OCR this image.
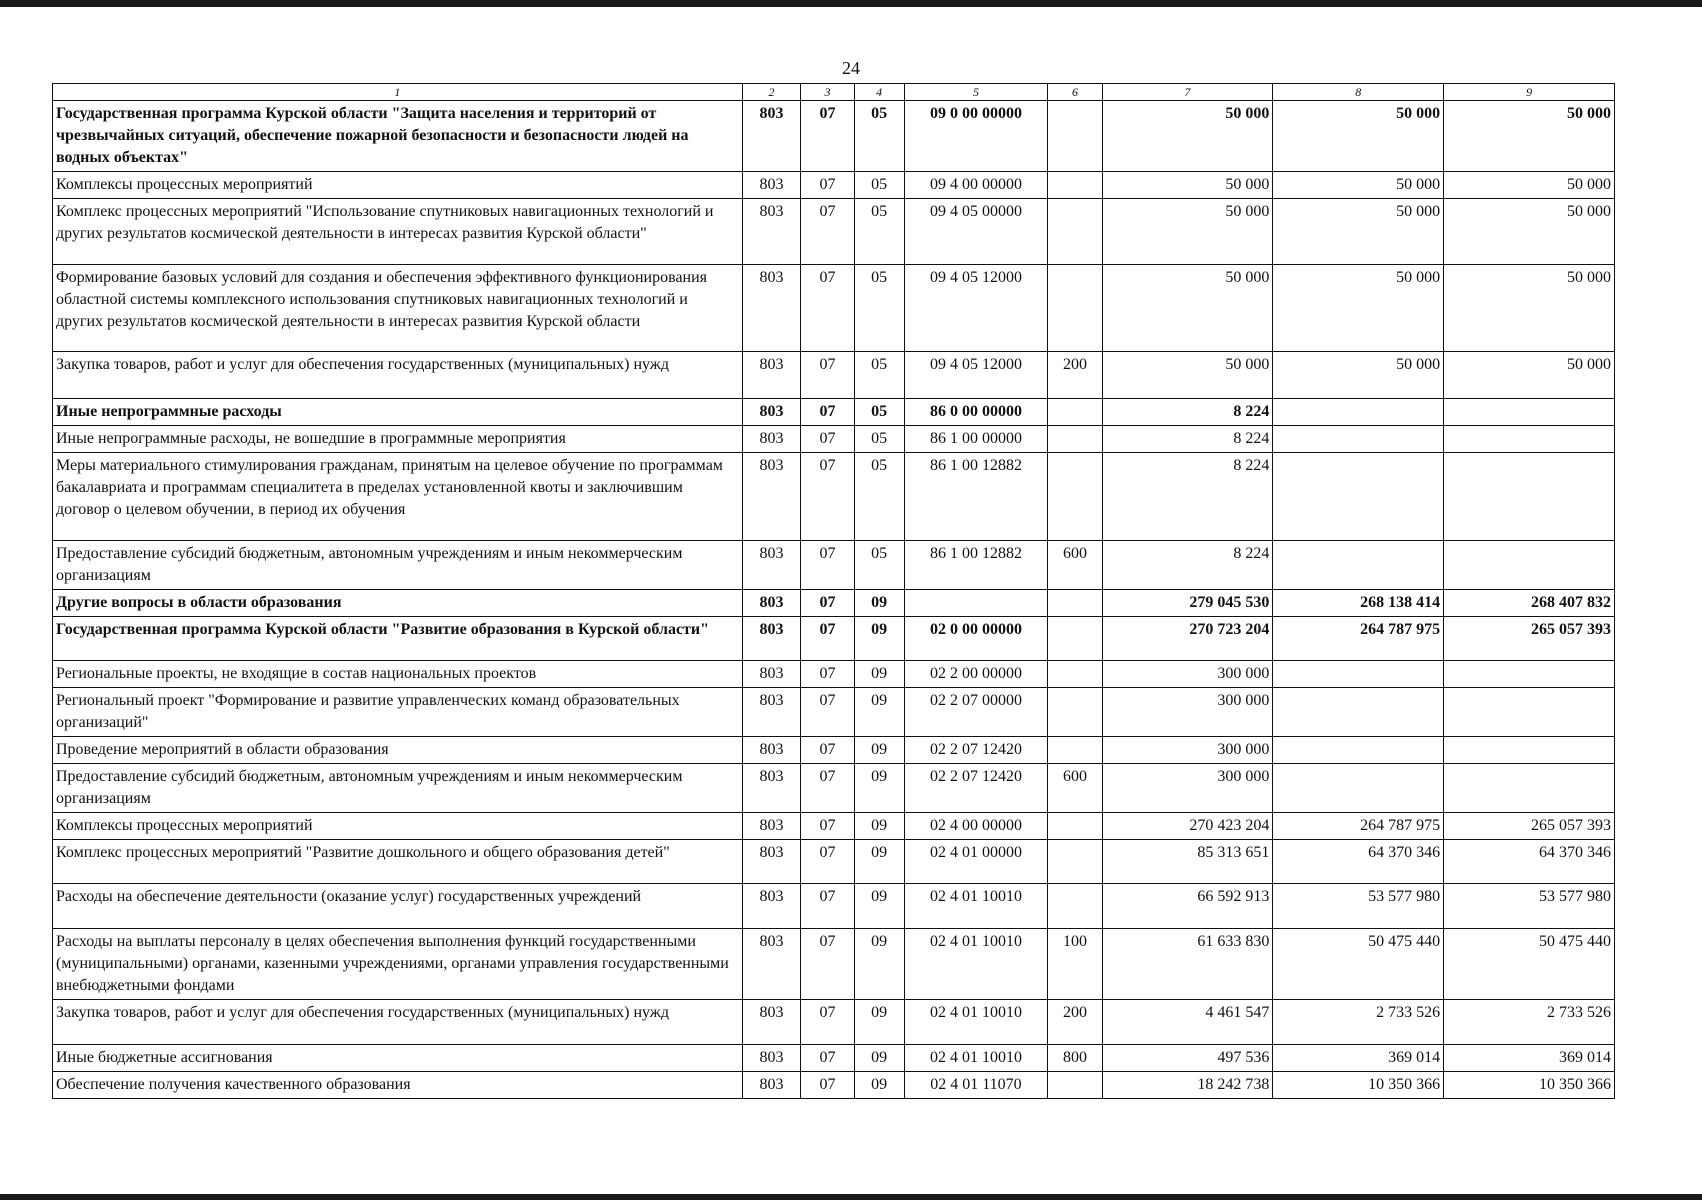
24
1	2	3	4	5	6	7	8	9
Государственная программа Курской области "Защита населения и территорий от чрезвычайных ситуаций, обеспечение пожарной безопасности и безопасности людей на водных объектах"	803	07	05	09 0 00 00000		50 000	50 000	50 000
Комплексы процессных мероприятий	803	07	05	09 4 00 00000		50 000	50 000	50 000
Комплекс процессных мероприятий "Использование спутниковых навигационных технологий и других результатов космической деятельности в интересах развития Курской области"	803	07	05	09 4 05 00000		50 000	50 000	50 000
Формирование базовых условий для создания и обеспечения эффективного функционирования областной системы комплексного использования спутниковых навигационных технологий и других результатов космической деятельности в интересах развития Курской области	803	07	05	09 4 05 12000		50 000	50 000	50 000
Закупка товаров, работ и услуг для обеспечения государственных (муниципальных) нужд	803	07	05	09 4 05 12000	200	50 000	50 000	50 000
Иные непрограммные расходы	803	07	05	86 0 00 00000		8 224		
Иные непрограммные расходы, не вошедшие в программные мероприятия	803	07	05	86 1 00 00000		8 224		
Меры материального стимулирования гражданам, принятым на целевое обучение по программам бакалавриата и программам специалитета в пределах установленной квоты и заключившим договор о целевом обучении, в период их обучения	803	07	05	86 1 00 12882		8 224		
Предоставление субсидий бюджетным, автономным учреждениям и иным некоммерческим организациям	803	07	05	86 1 00 12882	600	8 224		
Другие вопросы в области образования	803	07	09			279 045 530	268 138 414	268 407 832
Государственная программа Курской области "Развитие образования в Курской области"	803	07	09	02 0 00 00000		270 723 204	264 787 975	265 057 393
Региональные проекты, не входящие в состав национальных проектов	803	07	09	02 2 00 00000		300 000		
Региональный проект "Формирование и развитие управленческих команд образовательных организаций"	803	07	09	02 2 07 00000		300 000		
Проведение мероприятий в области образования	803	07	09	02 2 07 12420		300 000		
Предоставление субсидий бюджетным, автономным учреждениям и иным некоммерческим организациям	803	07	09	02 2 07 12420	600	300 000		
Комплексы процессных мероприятий	803	07	09	02 4 00 00000		270 423 204	264 787 975	265 057 393
Комплекс процессных мероприятий "Развитие дошкольного и общего образования детей"	803	07	09	02 4 01 00000		85 313 651	64 370 346	64 370 346
Расходы на обеспечение деятельности (оказание услуг) государственных учреждений	803	07	09	02 4 01 10010		66 592 913	53 577 980	53 577 980
Расходы на выплаты персоналу в целях обеспечения выполнения функций государственными (муниципальными) органами, казенными учреждениями, органами управления государственными внебюджетными фондами	803	07	09	02 4 01 10010	100	61 633 830	50 475 440	50 475 440
Закупка товаров, работ и услуг для обеспечения государственных (муниципальных) нужд	803	07	09	02 4 01 10010	200	4 461 547	2 733 526	2 733 526
Иные бюджетные ассигнования	803	07	09	02 4 01 10010	800	497 536	369 014	369 014
Обеспечение получения качественного образования	803	07	09	02 4 01 11070		18 242 738	10 350 366	10 350 366
